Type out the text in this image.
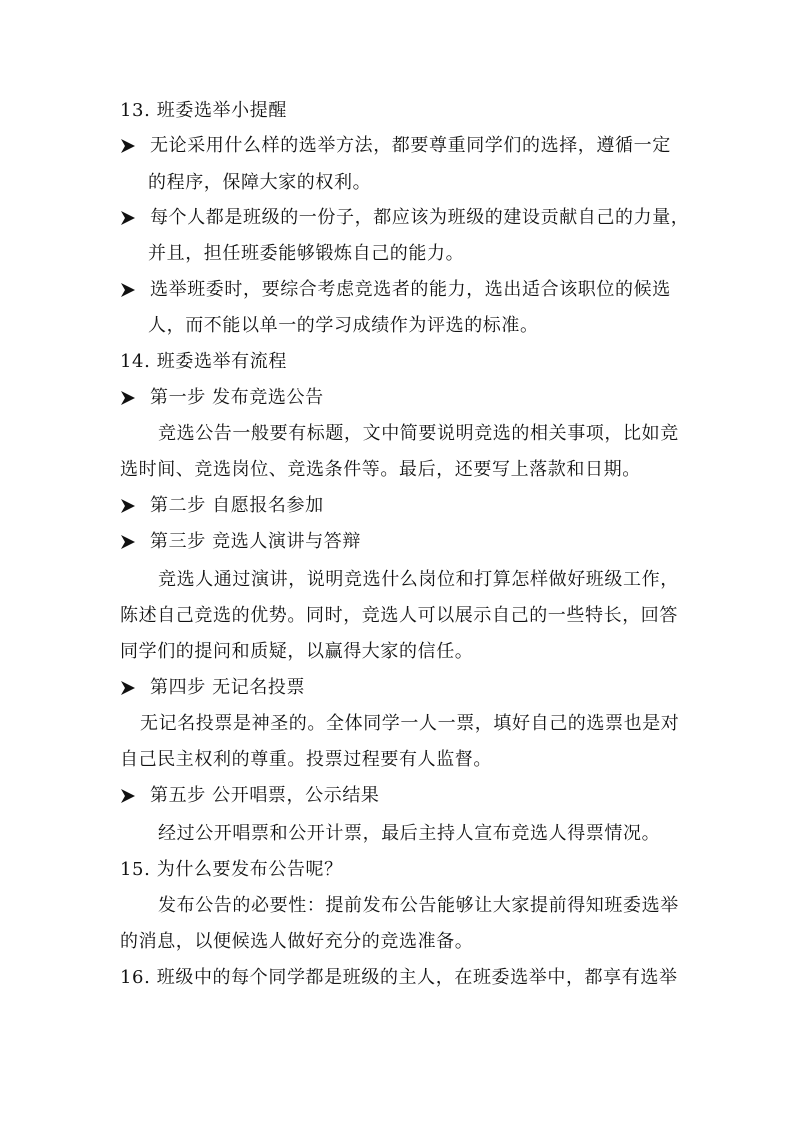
13. 班委选举小提醒
无论采用什么样的选举方法，都要尊重同学们的选择，遵循一定
的程序，保障大家的权利。
每个人都是班级的一份子，都应该为班级的建设贡献自己的力量，
并且，担任班委能够锻炼自己的能力。
选举班委时，要综合考虑竞选者的能力，选出适合该职位的候选
人，而不能以单一的学习成绩作为评选的标准。
14. 班委选举有流程
第一步 发布竞选公告
竞选公告一般要有标题，文中简要说明竞选的相关事项，比如竞
选时间、竞选岗位、竞选条件等。最后，还要写上落款和日期。
第二步 自愿报名参加
第三步 竞选人演讲与答辩
竞选人通过演讲，说明竞选什么岗位和打算怎样做好班级工作，
陈述自己竞选的优势。同时，竞选人可以展示自己的一些特长，回答
同学们的提问和质疑，以赢得大家的信任。
第四步 无记名投票
无记名投票是神圣的。全体同学一人一票，填好自己的选票也是对
自己民主权利的尊重。投票过程要有人监督。
第五步 公开唱票，公示结果
经过公开唱票和公开计票，最后主持人宣布竞选人得票情况。
15. 为什么要发布公告呢？
发布公告的必要性：提前发布公告能够让大家提前得知班委选举
的消息，以便候选人做好充分的竞选准备。
16. 班级中的每个同学都是班级的主人，在班委选举中，都享有选举
